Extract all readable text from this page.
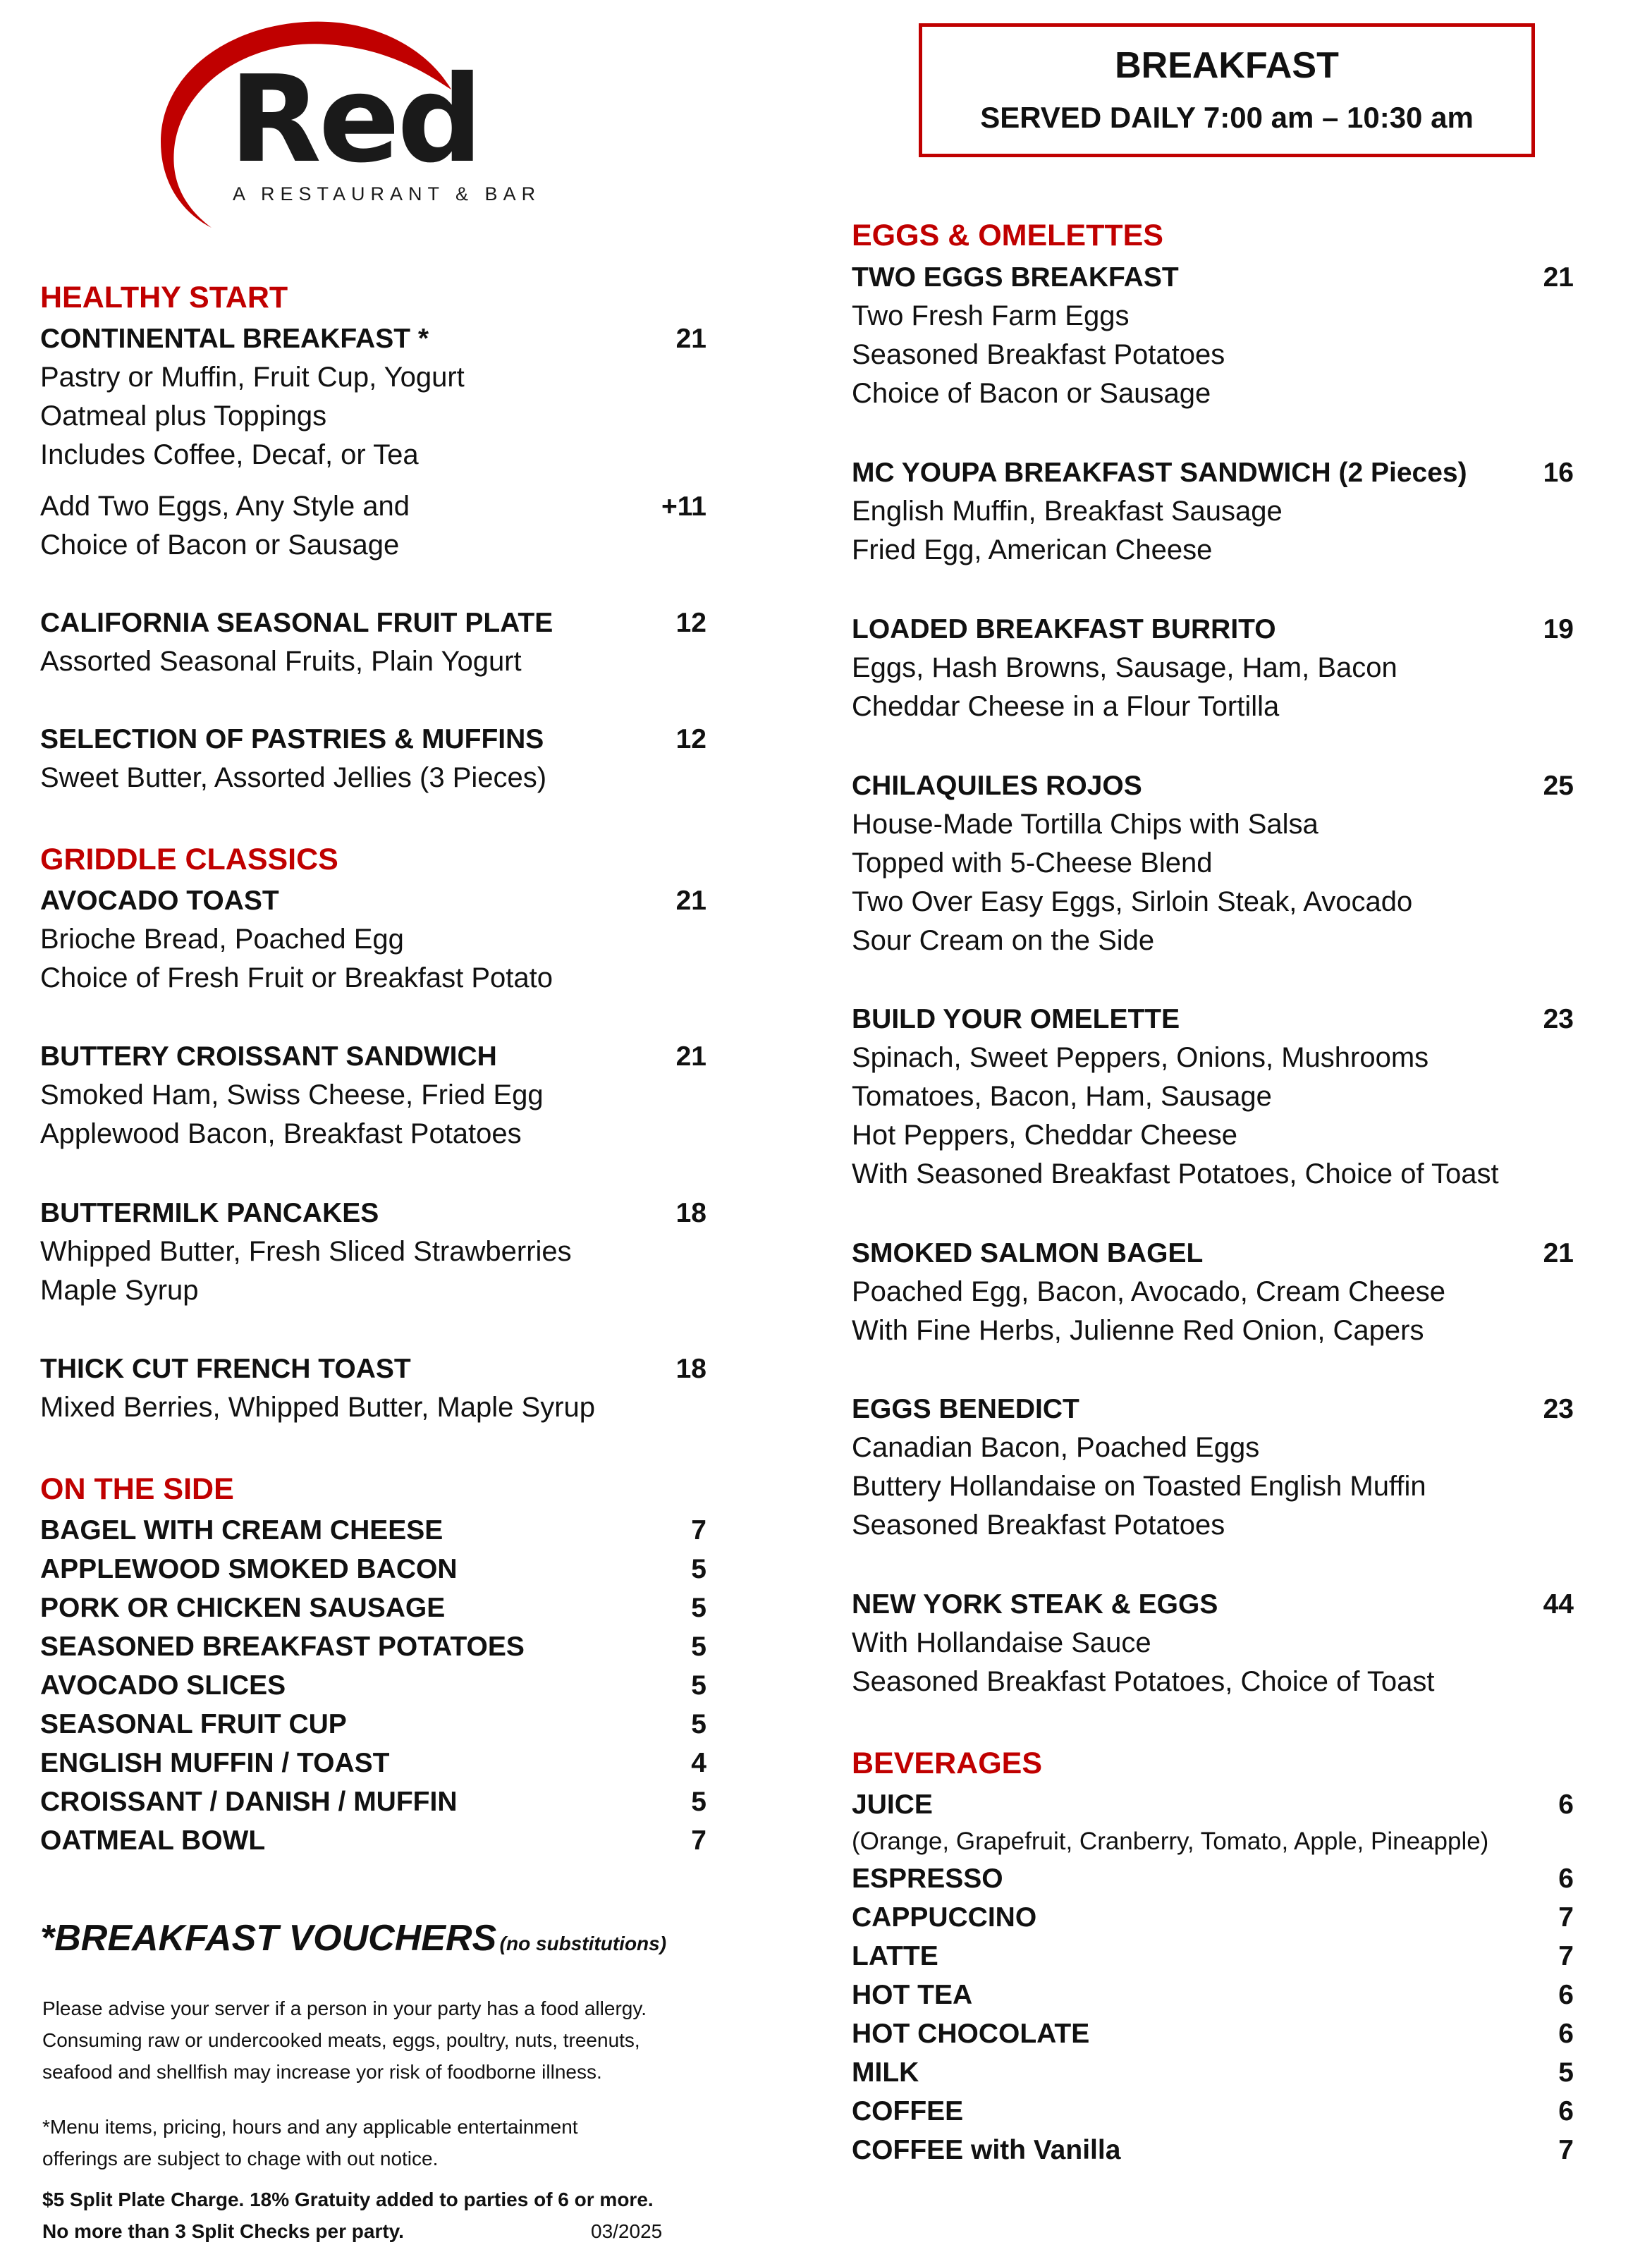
Red
A RESTAURANT & BAR
BREAKFAST
SERVED DAILY 7:00 am – 10:30 am
HEALTHY START
CONTINENTAL BREAKFAST *	21
Pastry or Muffin, Fruit Cup, Yogurt
Oatmeal plus Toppings
Includes Coffee, Decaf, or Tea
Add Two Eggs, Any Style and	+11
Choice of Bacon or Sausage
CALIFORNIA SEASONAL FRUIT PLATE	12
Assorted Seasonal Fruits, Plain Yogurt
SELECTION OF PASTRIES & MUFFINS	12
Sweet Butter, Assorted Jellies (3 Pieces)
GRIDDLE CLASSICS
AVOCADO TOAST	21
Brioche Bread, Poached Egg
Choice of Fresh Fruit or Breakfast Potato
BUTTERY CROISSANT SANDWICH	21
Smoked Ham, Swiss Cheese, Fried Egg
Applewood Bacon, Breakfast Potatoes
BUTTERMILK PANCAKES	18
Whipped Butter, Fresh Sliced Strawberries
Maple Syrup
THICK CUT FRENCH TOAST	18
Mixed Berries, Whipped Butter, Maple Syrup
ON THE SIDE
BAGEL WITH CREAM CHEESE	7
APPLEWOOD SMOKED BACON	5
PORK OR CHICKEN SAUSAGE	5
SEASONED BREAKFAST POTATOES	5
AVOCADO SLICES	5
SEASONAL FRUIT CUP	5
ENGLISH MUFFIN / TOAST	4
CROISSANT / DANISH / MUFFIN	5
OATMEAL BOWL	7
*BREAKFAST VOUCHERS (no substitutions)
Please advise your server if a person in your party has a food allergy.
Consuming raw or undercooked meats, eggs, poultry, nuts, treenuts,
seafood and shellfish may increase yor risk of foodborne illness.
*Menu items, pricing, hours and any applicable entertainment
offerings are subject to chage with out notice.
$5 Split Plate Charge. 18% Gratuity added to parties of 6 or more.
No more than 3 Split Checks per party.	03/2025
EGGS & OMELETTES
TWO EGGS BREAKFAST	21
Two Fresh Farm Eggs
Seasoned Breakfast Potatoes
Choice of Bacon or Sausage
MC YOUPA BREAKFAST SANDWICH (2 Pieces)	16
English Muffin, Breakfast Sausage
Fried Egg, American Cheese
LOADED BREAKFAST BURRITO	19
Eggs, Hash Browns, Sausage, Ham, Bacon
Cheddar Cheese in a Flour Tortilla
CHILAQUILES ROJOS	25
House-Made Tortilla Chips with Salsa
Topped with 5-Cheese Blend
Two Over Easy Eggs, Sirloin Steak, Avocado
Sour Cream on the Side
BUILD YOUR OMELETTE	23
Spinach, Sweet Peppers, Onions, Mushrooms
Tomatoes, Bacon, Ham, Sausage
Hot Peppers, Cheddar Cheese
With Seasoned Breakfast Potatoes, Choice of Toast
SMOKED SALMON BAGEL	21
Poached Egg, Bacon, Avocado, Cream Cheese
With Fine Herbs, Julienne Red Onion, Capers
EGGS BENEDICT	23
Canadian Bacon, Poached Eggs
Buttery Hollandaise on Toasted English Muffin
Seasoned Breakfast Potatoes
NEW YORK STEAK & EGGS	44
With Hollandaise Sauce
Seasoned Breakfast Potatoes, Choice of Toast
BEVERAGES
JUICE	6
(Orange, Grapefruit, Cranberry, Tomato, Apple, Pineapple)
ESPRESSO	6
CAPPUCCINO	7
LATTE	7
HOT TEA	6
HOT CHOCOLATE	6
MILK	5
COFFEE	6
COFFEE with Vanilla	7
